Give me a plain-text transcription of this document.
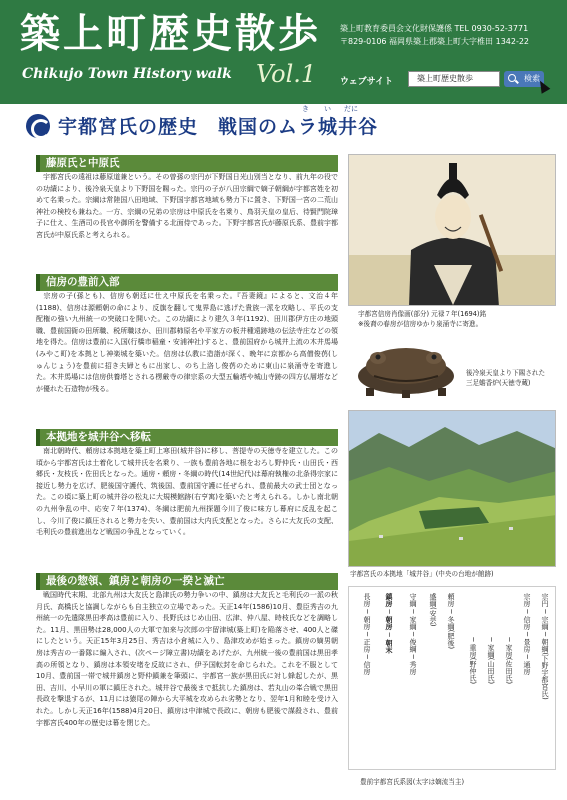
築上町歴史散歩
Chikujo Town History walk Vol.1
築上町教育委員会文化財保護係 TEL 0930-52-3771
〒829-0106 福岡県築上郡築上町大字椎田 1342-22
ウェブサイト	築上町歴史散歩	検索
宇都宮氏の歴史　戦国のムラ城井谷
き い だに
藤原氏と中原氏
　宇都宮氏の遠祖は藤原道兼という。その曾孫の宗円が下野国日光山別当となり、前九年の役での功績により、後冷泉天皇より下野国を賜った。宗円の子が八田宗綱で嫡子朝綱が宇都宮姓を初めて名乗った。宗綱は常陸国八田地域、下野国宇都宮地域も勢力下に置き、下野国一宮の二荒山神社の検校も兼ねた。一方、宗綱の兄弟の宗房は中原氏を名乗り、鳥羽天皇の皇后、待賢門院璋子に仕え、生酒司の長官や御所を警備する北面侍であった。下野宇都宮氏が藤原氏系、豊前宇都宮氏が中原氏系と考えられる。
信房の豊前入部
　宗房の子(孫とも)、信房も朝廷に仕え中原氏を名乗った。『吾妻鏡』によると、文治４年(1188)、信房は源頼朝の命により、反旗を翻して鬼界島に逃げた貴族一派を攻略し、平氏の支配権の強い九州統一の突破口を開いた。この功績により建久３年(1192)、田川郡伊方庄の地頭職、豊前国衙の田所職、税所職ほか、田川郡柿原名や平家方の板井種遠跡地の伝法寺庄などの領地を得た。信房は豊前に入国(行橋市稲童・安浦神社)すると、豊前国府から城井上流の木井馬場(みやこ町)を本拠とし神楽城を築いた。信房は仏教に造詣が深く、晩年に京都から高僧俊芿(しゅんじょう)を豊前に招き夫婦ともに出家し、のち上洛し俊芿のために東山に泉涌寺を寄進した。木井馬場には信房供養塔とされる楞厳寺の律宗系の大型五輪塔や城山寺跡の四方仏層塔などが優れた石造物が残る。
本拠地を城井谷へ移転
　南北朝時代、頼房は本拠地を築上町上寒田(城井谷)に移し、菩提寺の天徳寺を建立した。この頃から宇都宮氏は土着化して城井氏を名乗り、一族も豊前各地に根をおろし野仲氏・山田氏・西郷氏・友枝氏・佐田氏となった。通房・頼房・冬綱の時代(14世紀代)は幕府執権の北条得宗家に接近し勢力を広げ、肥後国守護代、筑後国、豊前国守護に任ぜられ、豊前最大の武士団となった。この頃に築上町の城井谷の松丸に大規模館跡(右亨寓)を築いたと考えられる。しかし南北朝の九州争乱の中、応安７年(1374)、冬綱は肥前九州探題今川了俊に味方し幕府に反乱を起こし、今川了俊に鎮圧されると勢力を失い、豊前国は大内氏支配となった。さらに大友氏の支配、毛利氏の豊前進出など戦国の争乱となっていく。
最後の惣領、鎮房と朝房の一揆と滅亡
　戦国時代末期、北部九州は大友氏と島津氏の勢力争いの中、鎮房は大友氏と毛利氏の一派の秋月氏、高橋氏と協調しながらも自主独立の立場であった。天正14年(1586)10月、豊臣秀吉の九州統一の先遣隊黒田孝高は豊前に入り、長野氏はじめ山田、広津、仲八屋、時枝氏などを調略した。11月、黒田勢は28,000人の大軍で加来与次郎の宇留津城(築上町)を陥落させ、400人と磔にしたという。天正15年3月25日、秀吉は小倉城に入り、島津攻めが始まった。鎮房の嫡男朝房は秀吉の一番隊に編入され、(次ページ障立書)功績をあげたが、九州統一後の豊前国は黒田孝高の所領となり、鎮房は本領安堵を反故にされ、伊予国転封を命じられた。これを不服として10月、豊前国一帯で城井鎮房と野仲鎮兼を筆頭に、宇都宮一族が黒田氏に対し蜂起したが、黒田、吉川、小早川の軍に鎮圧された。城井谷で最後まで抵抗した鎮房は、若丸山の峯合戦で黒田長政を撃退するが、11月には猿尾の陣から大平城を攻められ劣勢となり、翌年1月和睦を受け入れた。しかし天正16年(1588)4月20日、鎮房は中津城で長政に、朝房も肥後で謀殺され、豊前宇都宮氏400年の歴史は幕を閉じた。
宇都宮信房肖像画(部分) 元禄７年(1694)銘
※後裔の春房が信房ゆかり泉涌寺に寄進。
後冷泉天皇より下賜された
三足蟾香炉(天徳寺蔵)
宇都宮氏の本拠地「城井谷」(中央の台地が館跡)
宗円 ─ 宗綱 ─ 朝綱(下野宇都宮氏)
宗房 ─ 信房 ─ 景房 ─ 通房
　　　　　　 ─ 家房(佐田氏)
　　　　　　 ─ 家綱(山田氏)
　　　　　　 ─ 重房(野仲氏)
頼房 ─ 冬綱(肥後)
盛綱(安芸)
守綱 ─ 家綱 ─ 俊綱 ─ 秀房
鎮房 ─ 朝房 ─ 朝末
長房 ─ 朝房 ─ 正房 ─ 信房
豊前宇都宮氏系図(太字は嫡流当主)
